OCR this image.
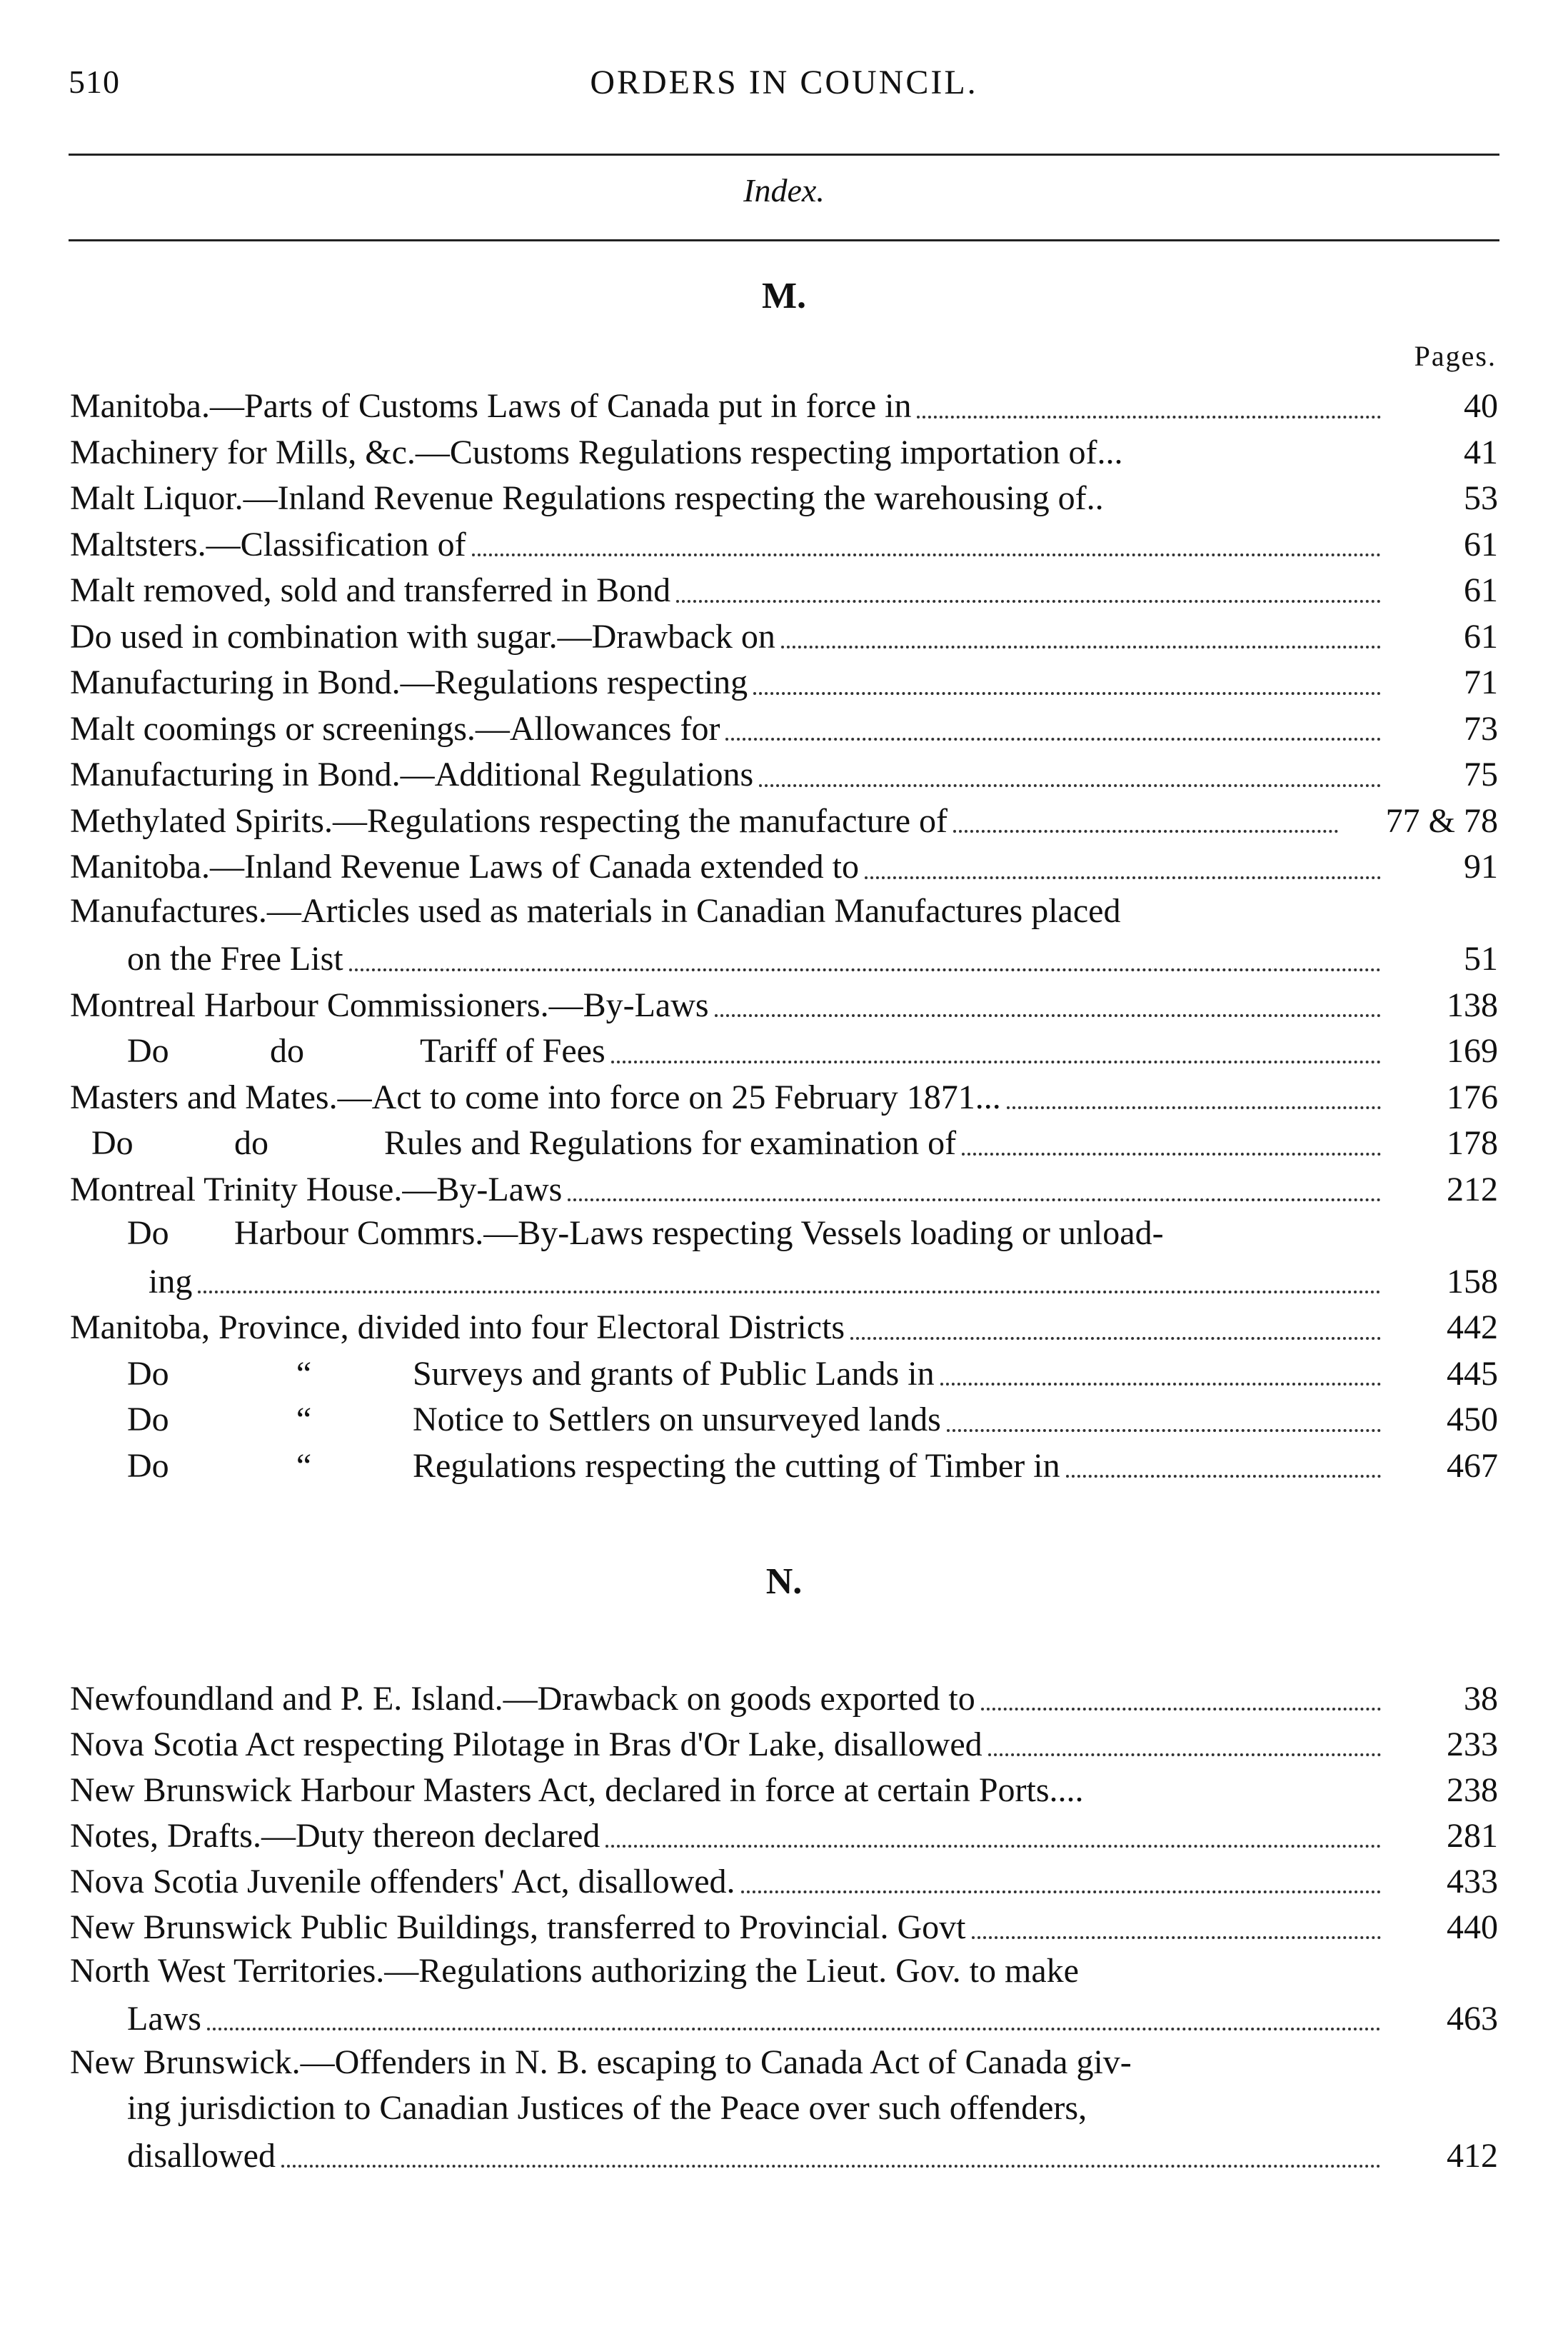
510	ORDERS IN COUNCIL.
Index.
M.
Pages.
Manitoba.—Parts of Customs Laws of Canada put in force in	40
Machinery for Mills, &c.—Customs Regulations respecting importation of...	41
Malt Liquor.—Inland Revenue Regulations respecting the warehousing of..	53
Maltsters.—Classification of	61
Malt removed, sold and transferred in Bond	61
Do used in combination with sugar.—Drawback on	61
Manufacturing in Bond.—Regulations respecting	71
Malt coomings or screenings.—Allowances for	73
Manufacturing in Bond.—Additional Regulations	75
Methylated Spirits.—Regulations respecting the manufacture of	77 & 78
Manitoba.—Inland Revenue Laws of Canada extended to	91
Manufactures.—Articles used as materials in Canadian Manufactures placed
on the Free List	51
Montreal Harbour Commissioners.—By-Laws	138
Do	do	Tariff of Fees	169
Masters and Mates.—Act to come into force on 25 February 1871...	176
Do	do	Rules and Regulations for examination of	178
Montreal Trinity House.—By-Laws	212
Do Harbour Commrs.—By-Laws respecting Vessels loading or unload-
ing	158
Manitoba, Province, divided into four Electoral Districts	442
Do	“	Surveys and grants of Public Lands in	445
Do	“	Notice to Settlers on unsurveyed lands	450
Do	“	Regulations respecting the cutting of Timber in	467
N.
Newfoundland and P. E. Island.—Drawback on goods exported to	38
Nova Scotia Act respecting Pilotage in Bras d'Or Lake, disallowed	233
New Brunswick Harbour Masters Act, declared in force at certain Ports....	238
Notes, Drafts.—Duty thereon declared	281
Nova Scotia Juvenile offenders' Act, disallowed.	433
New Brunswick Public Buildings, transferred to Provincial. Govt	440
North West Territories.—Regulations authorizing the Lieut. Gov. to make
Laws	463
New Brunswick.—Offenders in N. B. escaping to Canada Act of Canada giv-
ing jurisdiction to Canadian Justices of the Peace over such offenders,
disallowed	412
